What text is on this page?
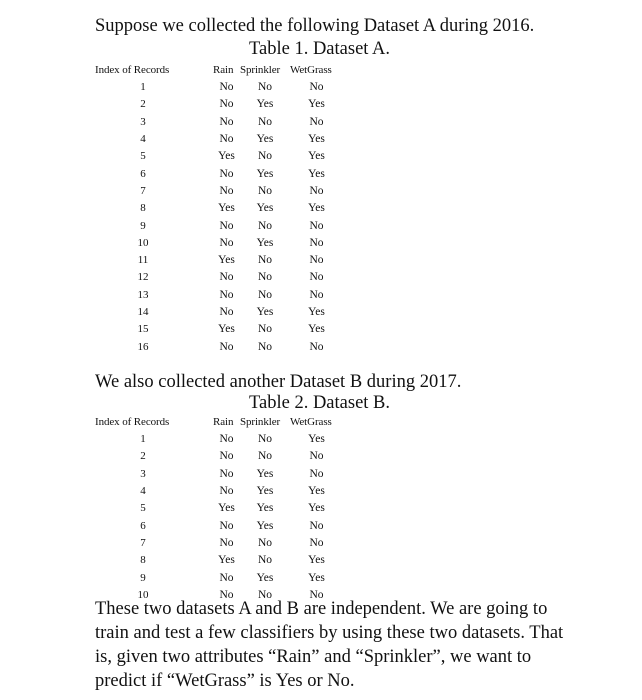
Suppose we collected the following Dataset A during 2016.
Table 1. Dataset A.
Index of Records	Rain	Sprinkler	WetGrass
1	No	No	No
2	No	Yes	Yes
3	No	No	No
4	No	Yes	Yes
5	Yes	No	Yes
6	No	Yes	Yes
7	No	No	No
8	Yes	Yes	Yes
9	No	No	No
10	No	Yes	No
11	Yes	No	No
12	No	No	No
13	No	No	No
14	No	Yes	Yes
15	Yes	No	Yes
16	No	No	No
We also collected another Dataset B during 2017.
Table 2. Dataset B.
Index of Records	Rain	Sprinkler	WetGrass
1	No	No	Yes
2	No	No	No
3	No	Yes	No
4	No	Yes	Yes
5	Yes	Yes	Yes
6	No	Yes	No
7	No	No	No
8	Yes	No	Yes
9	No	Yes	Yes
10	No	No	No
These two datasets A and B are independent. We are going to train and test a few classifiers by using these two datasets. That is, given two attributes “Rain” and “Sprinkler”, we want to predict if “WetGrass” is Yes or No.
